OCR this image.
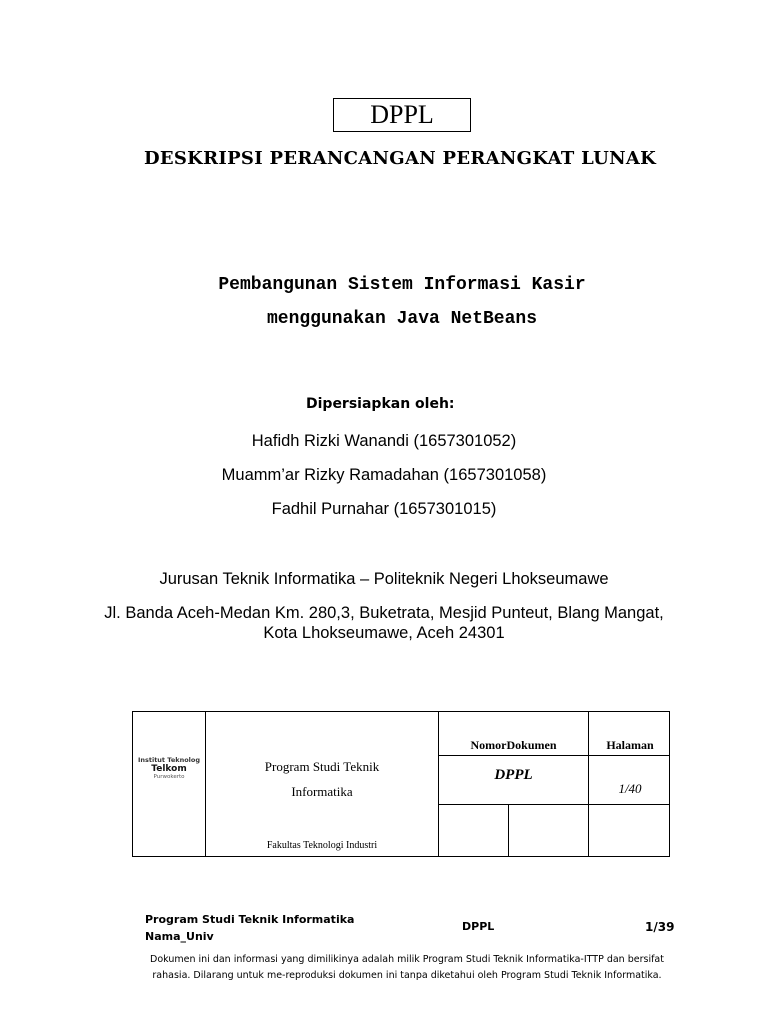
DPPL
DESKRIPSI PERANCANGAN PERANGKAT LUNAK
Pembangunan Sistem Informasi Kasir
menggunakan Java NetBeans
Dipersiapkan oleh:
Hafidh Rizki Wanandi (1657301052)
Muamm’ar Rizky Ramadahan (1657301058)
Fadhil Purnahar (1657301015)
Jurusan Teknik Informatika – Politeknik Negeri Lhokseumawe
Jl. Banda Aceh-Medan Km. 280,3, Buketrata, Mesjid Punteut, Blang Mangat,
Kota Lhokseumawe, Aceh 24301
Institut Teknolog
Telkom
Purwokerto
Program Studi Teknik
Informatika
Fakultas Teknologi Industri
NomorDokumen	Halaman
DPPL
1/40
Program Studi Teknik Informatika
Nama_Univ
DPPL	1/39
Dokumen ini dan informasi yang dimilikinya adalah milik Program Studi Teknik Informatika-ITTP dan bersifat
rahasia. Dilarang untuk me-reproduksi dokumen ini tanpa diketahui oleh Program Studi Teknik Informatika.
